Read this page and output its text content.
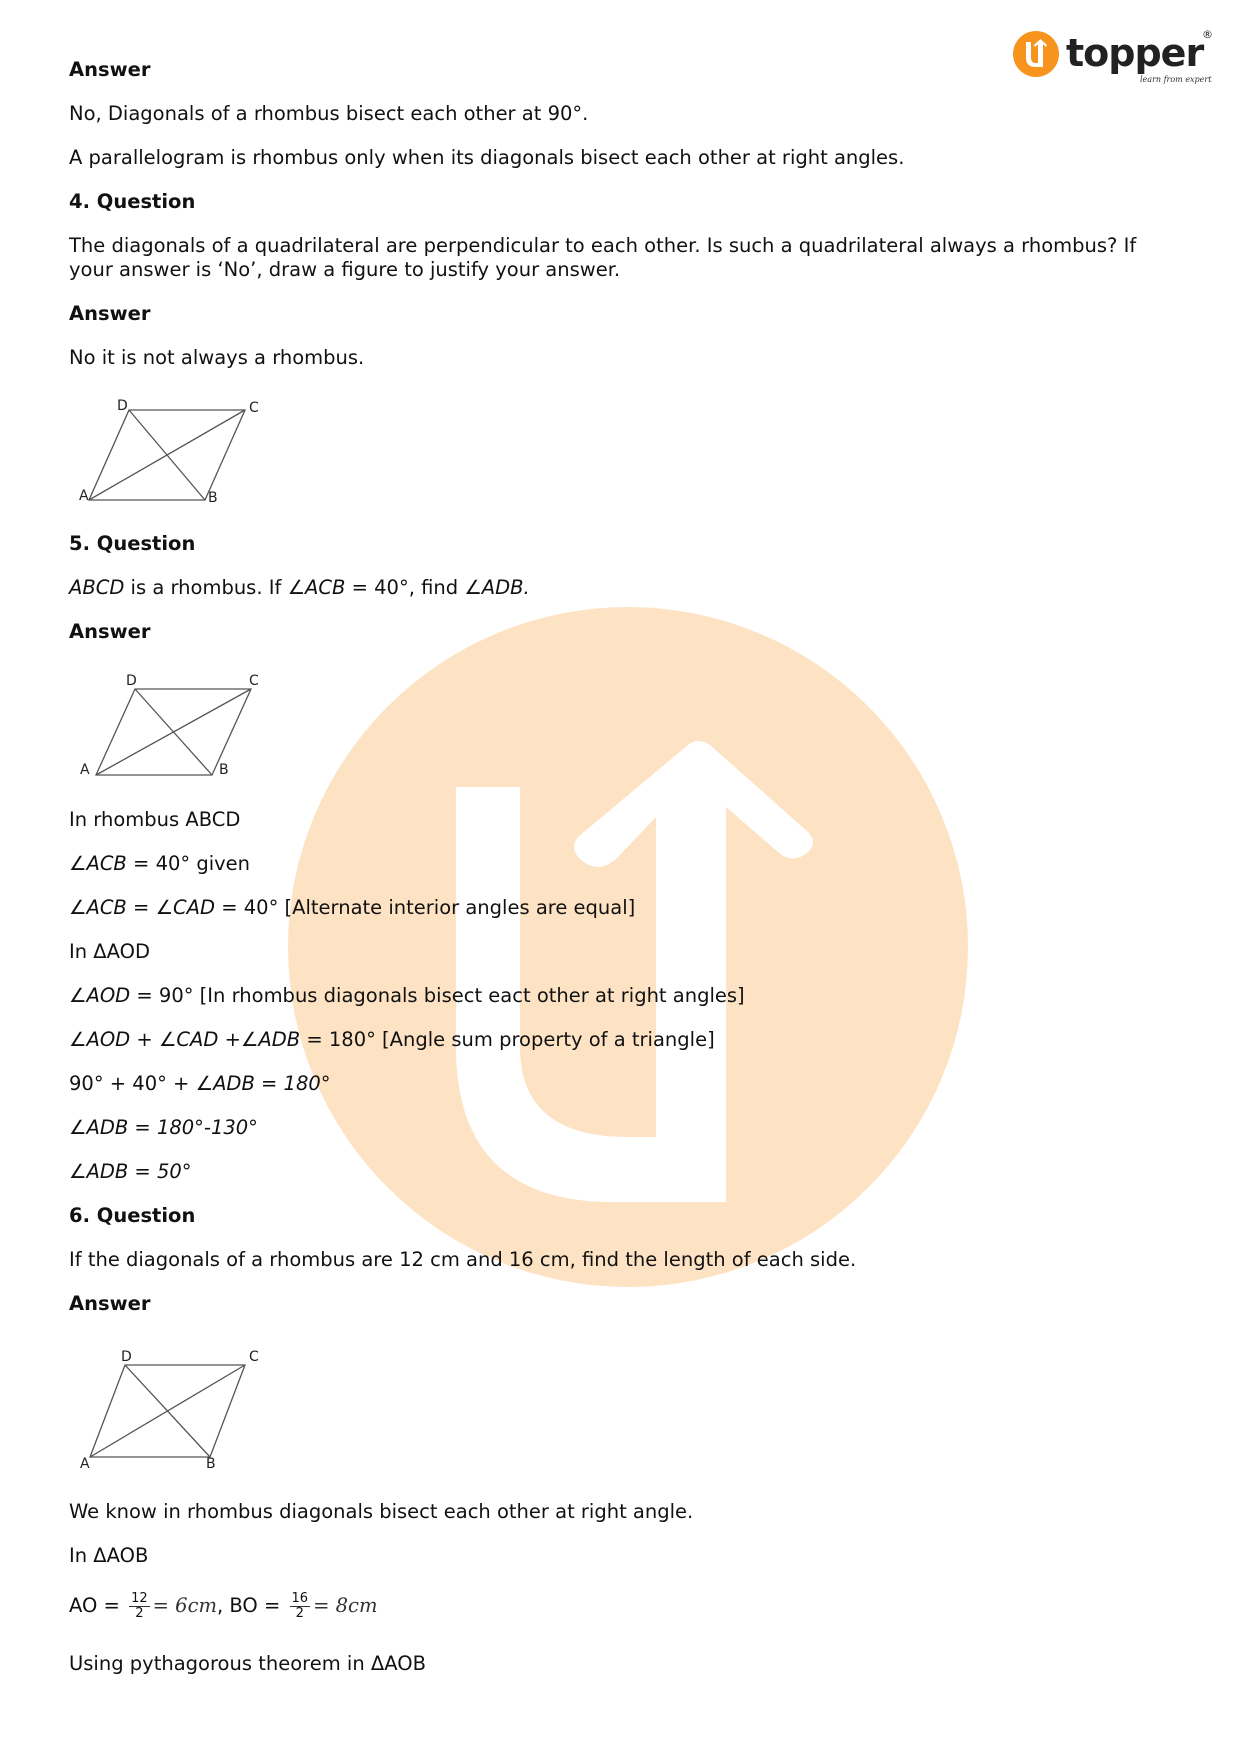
topper
®
learn from experts
Answer
No, Diagonals of a rhombus bisect each other at 90°.
A parallelogram is rhombus only when its diagonals bisect each other at right angles.
4. Question
The diagonals of a quadrilateral are perpendicular to each other. Is such a quadrilateral always a rhombus? If your answer is ‘No’, draw a figure to justify your answer.
Answer
No it is not always a rhombus.
A	B
C
D
5. Question
ABCD is a rhombus. If ∠ACB = 40°, find ∠ADB.
Answer
A	B
C
D
In rhombus ABCD
∠ACB = 40° given
∠ACB = ∠CAD = 40° [Alternate interior angles are equal]
In ΔAOD
∠AOD = 90° [In rhombus diagonals bisect eact other at right angles]
∠AOD + ∠CAD +∠ADB = 180° [Angle sum property of a triangle]
90° + 40° + ∠ADB = 180°
∠ADB = 180°-130°
∠ADB = 50°
6. Question
If the diagonals of a rhombus are 12 cm and 16 cm, find the length of each side.
Answer
A	B
C
D
We know in rhombus diagonals bisect each other at right angle.
In ΔAOB
AO = $\frac{12}{2} = 6cm$, BO = $\frac{16}{2} = 8cm$
Using pythagorous theorem in ΔAOB
